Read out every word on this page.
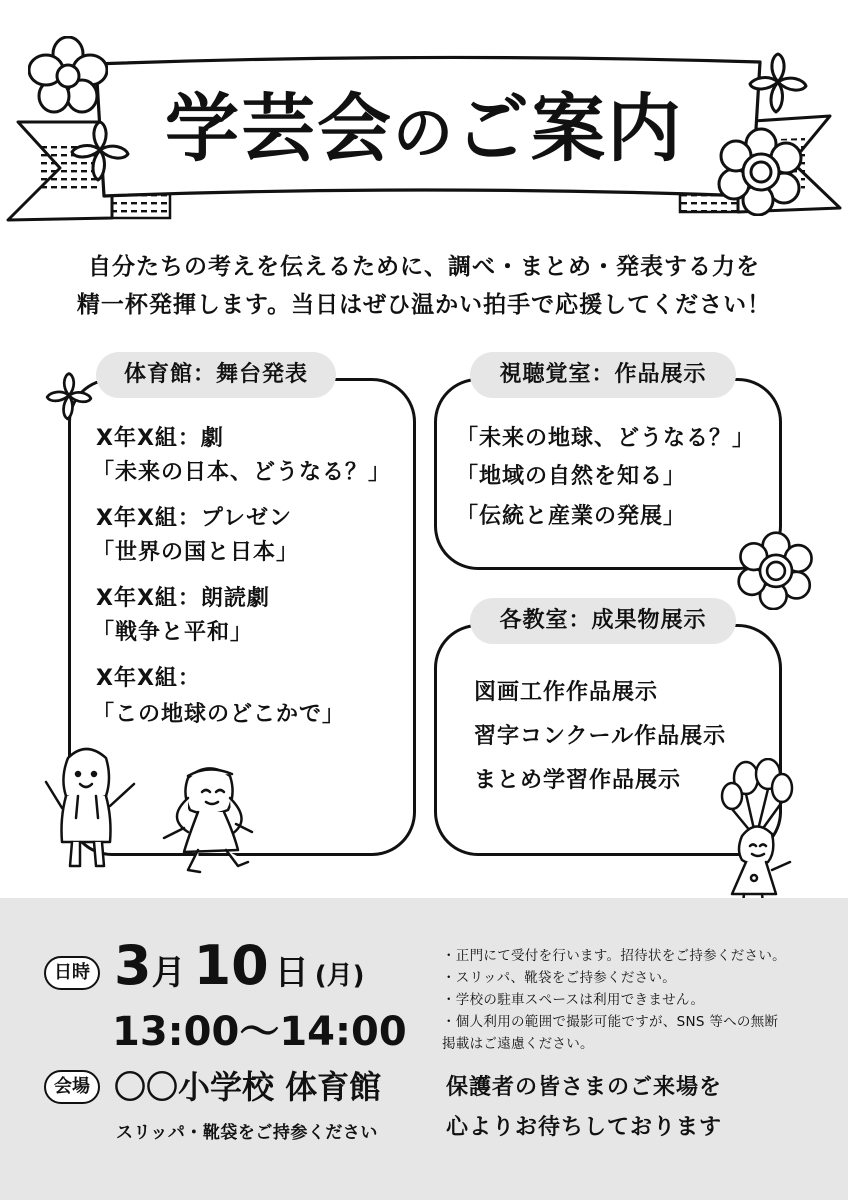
学芸会のご案内
自分たちの考えを伝えるために、調べ・まとめ・発表する力を
精一杯発揮します。当日はぜひ温かい拍手で応援してください！
体育館：舞台発表
X年X組：劇
「未来の日本、どうなる？」
X年X組：プレゼン
「世界の国と日本」
X年X組：朗読劇
「戦争と平和」
X年X組：
「この地球のどこかで」
視聴覚室：作品展示
「未来の地球、どうなる？」
「地域の自然を知る」
「伝統と産業の発展」
各教室：成果物展示
図画工作作品展示
習字コンクール作品展示
まとめ学習作品展示
日時 3月 10 日 (月)
13:00〜14:00
会場 〇〇小学校 体育館
スリッパ・靴袋をご持参ください
・正門にて受付を行います。招待状をご持参ください。
・スリッパ、靴袋をご持参ください。
・学校の駐車スペースは利用できません。
・個人利用の範囲で撮影可能ですが、SNS 等への無断
掲載はご遠慮ください。
保護者の皆さまのご来場を
心よりお待ちしております
